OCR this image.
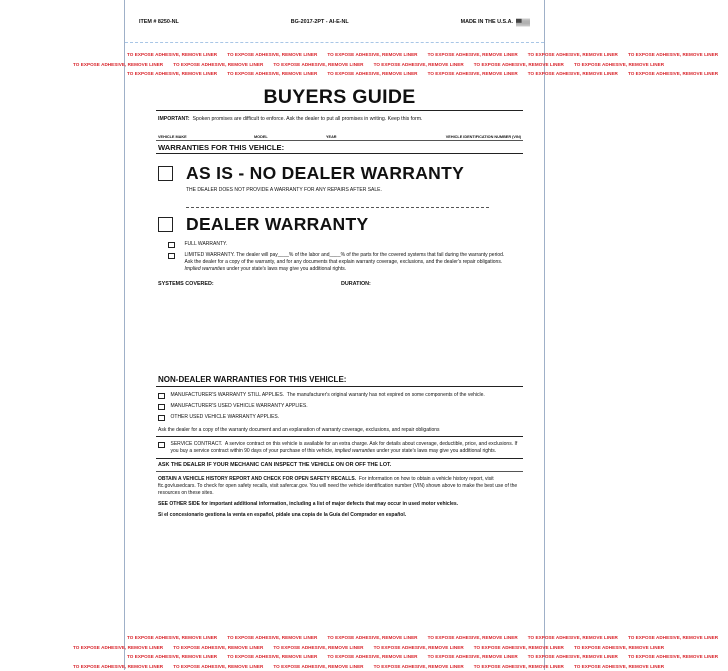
ITEM # 8250-NL	BG-2017-2PT - AI-E-NL	MADE IN THE U.S.A.
TO EXPOSE ADHESIVE, REMOVE LINER TO EXPOSE ADHESIVE, REMOVE LINER TO EXPOSE ADHESIVE, REMOVE LINER TO EXPOSE ADHESIVE, REMOVE LINER TO EXPOSE ADHESIVE, REMOVE LINER TO EXPOSE ADHESIVE, REMOVE LINER
TO EXPOSE ADHESIVE, REMOVE LINER TO EXPOSE ADHESIVE, REMOVE LINER TO EXPOSE ADHESIVE, REMOVE LINER TO EXPOSE ADHESIVE, REMOVE LINER TO EXPOSE ADHESIVE, REMOVE LINER TO EXPOSE ADHESIVE, REMOVE LINER
TO EXPOSE ADHESIVE, REMOVE LINER TO EXPOSE ADHESIVE, REMOVE LINER TO EXPOSE ADHESIVE, REMOVE LINER TO EXPOSE ADHESIVE, REMOVE LINER TO EXPOSE ADHESIVE, REMOVE LINER TO EXPOSE ADHESIVE, REMOVE LINER
BUYERS GUIDE
IMPORTANT: Spoken promises are difficult to enforce. Ask the dealer to put all promises in writing. Keep this form.
VEHICLE MAKE	MODEL	YEAR	VEHICLE IDENTIFICATION NUMBER (VIN)
WARRANTIES FOR THIS VEHICLE:
AS IS - NO DEALER WARRANTY
THE DEALER DOES NOT PROVIDE A WARRANTY FOR ANY REPAIRS AFTER SALE.
DEALER WARRANTY
FULL WARRANTY.
LIMITED WARRANTY. The dealer will pay____% of the labor and____% of the parts for the covered systems that fail during the warranty period. Ask the dealer for a copy of the warranty, and for any documents that explain warranty coverage, exclusions, and the dealer's repair obligations. Implied warranties under your state's laws may give you additional rights.
SYSTEMS COVERED:	DURATION:
NON-DEALER WARRANTIES FOR THIS VEHICLE:
MANUFACTURER'S WARRANTY STILL APPLIES. The manufacturer's original warranty has not expired on some components of the vehicle.
MANUFACTURER'S USED VEHICLE WARRANTY APPLIES.
OTHER USED VEHICLE WARRANTY APPLIES.
Ask the dealer for a copy of the warranty document and an explanation of warranty coverage, exclusions, and repair obligations
SERVICE CONTRACT. A service contract on this vehicle is available for an extra charge. Ask for details about coverage, deductible, price, and exclusions. If you buy a service contract within 90 days of your purchase of this vehicle, implied warranties under your state's laws may give you additional rights.
ASK THE DEALER IF YOUR MECHANIC CAN INSPECT THE VEHICLE ON OR OFF THE LOT.
OBTAIN A VEHICLE HISTORY REPORT AND CHECK FOR OPEN SAFETY RECALLS. For information on how to obtain a vehicle history report, visit ftc.gov/usedcars. To check for open safety recalls, visit safercar.gov. You will need the vehicle identification number (VIN) shown above to make the best use of the resources on these sites.
SEE OTHER SIDE for important additional information, including a list of major defects that may occur in used motor vehicles.
Si el concesionario gestiona la venta en español, pídale una copia de la Guía del Comprador en español.
TO EXPOSE ADHESIVE, REMOVE LINER TO EXPOSE ADHESIVE, REMOVE LINER TO EXPOSE ADHESIVE, REMOVE LINER TO EXPOSE ADHESIVE, REMOVE LINER TO EXPOSE ADHESIVE, REMOVE LINER TO EXPOSE ADHESIVE, REMOVE LINER
TO EXPOSE ADHESIVE, REMOVE LINER TO EXPOSE ADHESIVE, REMOVE LINER TO EXPOSE ADHESIVE, REMOVE LINER TO EXPOSE ADHESIVE, REMOVE LINER TO EXPOSE ADHESIVE, REMOVE LINER TO EXPOSE ADHESIVE, REMOVE LINER
TO EXPOSE ADHESIVE, REMOVE LINER TO EXPOSE ADHESIVE, REMOVE LINER TO EXPOSE ADHESIVE, REMOVE LINER TO EXPOSE ADHESIVE, REMOVE LINER TO EXPOSE ADHESIVE, REMOVE LINER TO EXPOSE ADHESIVE, REMOVE LINER
TO EXPOSE ADHESIVE, REMOVE LINER TO EXPOSE ADHESIVE, REMOVE LINER TO EXPOSE ADHESIVE, REMOVE LINER TO EXPOSE ADHESIVE, REMOVE LINER TO EXPOSE ADHESIVE, REMOVE LINER TO EXPOSE ADHESIVE, REMOVE LINER
